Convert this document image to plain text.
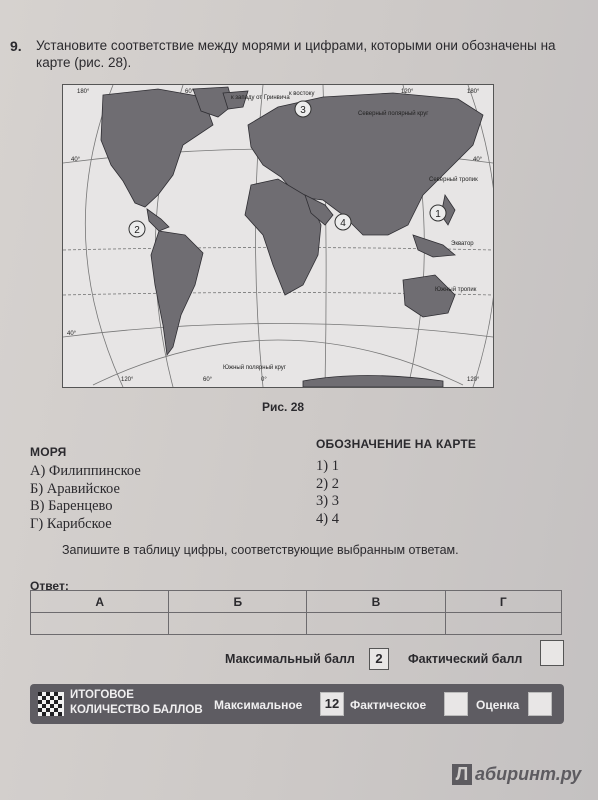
9. Установите соответствие между морями и цифрами, которыми они обозначены на карте (рис. 28).
1
2
3
4
к западу от Гринвича
к востоку
Северный полярный круг
Северный тропик
Экватор
Южный тропик
Южный полярный круг
40°	40°
40°
180°	180°
120°	120°
60°
60°	120°
0°
Рис. 28
МОРЯ
А) Филиппинское
Б) Аравийское
В) Баренцево
Г) Карибское
ОБОЗНАЧЕНИЕ НА КАРТЕ
1) 1
2) 2
3) 3
4) 4
Запишите в таблицу цифры, соответствующие выбранным ответам.
Ответ:
А	Б	В	Г

Максимальный балл	2	Фактический балл
ИТОГОВОЕ
КОЛИЧЕСТВО БАЛЛОВ Максимальное	12 Фактическое	Оценка
Л абиринт.ру
